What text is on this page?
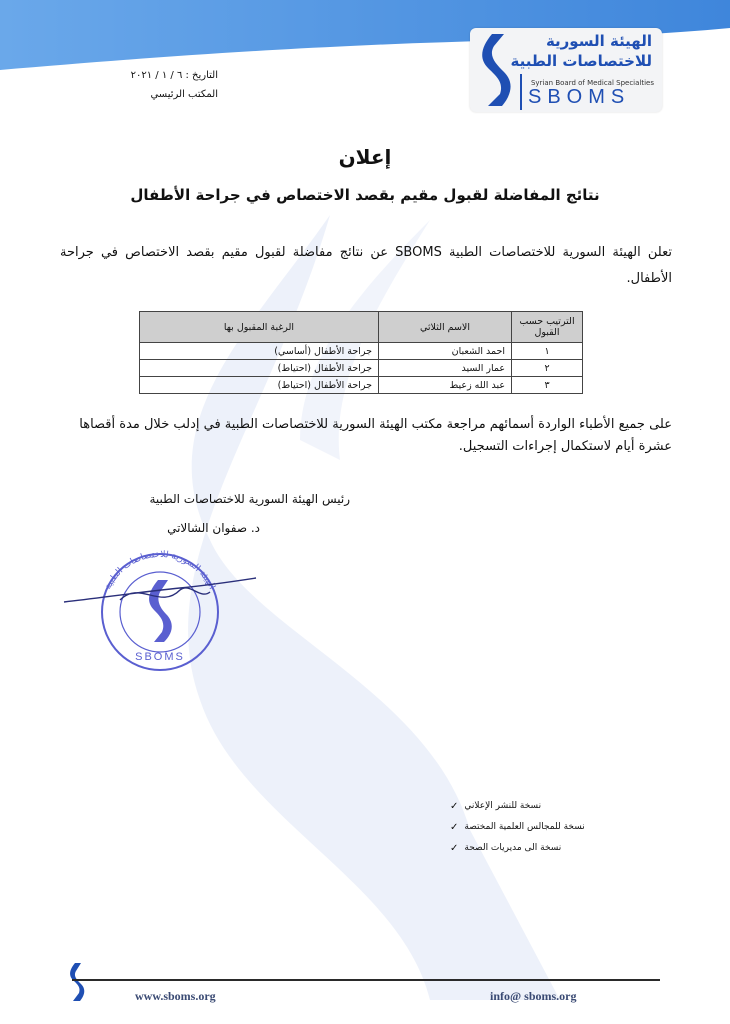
الهيئة السورية
للاختصاصات الطبية
Syrian Board of Medical Specialties
SBOMS
التاريخ : ٦ / ١ / ٢٠٢١
المكتب الرئيسي
إعلان
نتائج المفاضلة لقبول مقيم بقصد الاختصاص في جراحة الأطفال
تعلن الهيئة السورية للاختصاصات الطبية SBOMS عن نتائج مفاضلة لقبول مقيم بقصد الاختصاص في جراحة الأطفال.
الترتيب حسب القبول	الاسم الثلاثي	الرغبة المقبول بها
١	احمد الشعبان	جراحة الأطفال (أساسي)
٢	عمار السيد	جراحة الأطفال (احتياط)
٣	عبد الله زعيط	جراحة الأطفال (احتياط)
على جميع الأطباء الواردة أسمائهم مراجعة مكتب الهيئة السورية للاختصاصات الطبية في إدلب خلال مدة أقصاها عشرة أيام لاستكمال إجراءات التسجيل.
رئيس الهيئة السورية للاختصاصات الطبية
د. صفوان الشالاتي
الهيئة السورية للاختصاصات الطبية
SBOMS
✓ نسخة للنشر الإعلاني
✓ نسخة للمجالس العلمية المختصة
✓ نسخة الى مديريات الصحة
www.sboms.org	info@ sboms.org
